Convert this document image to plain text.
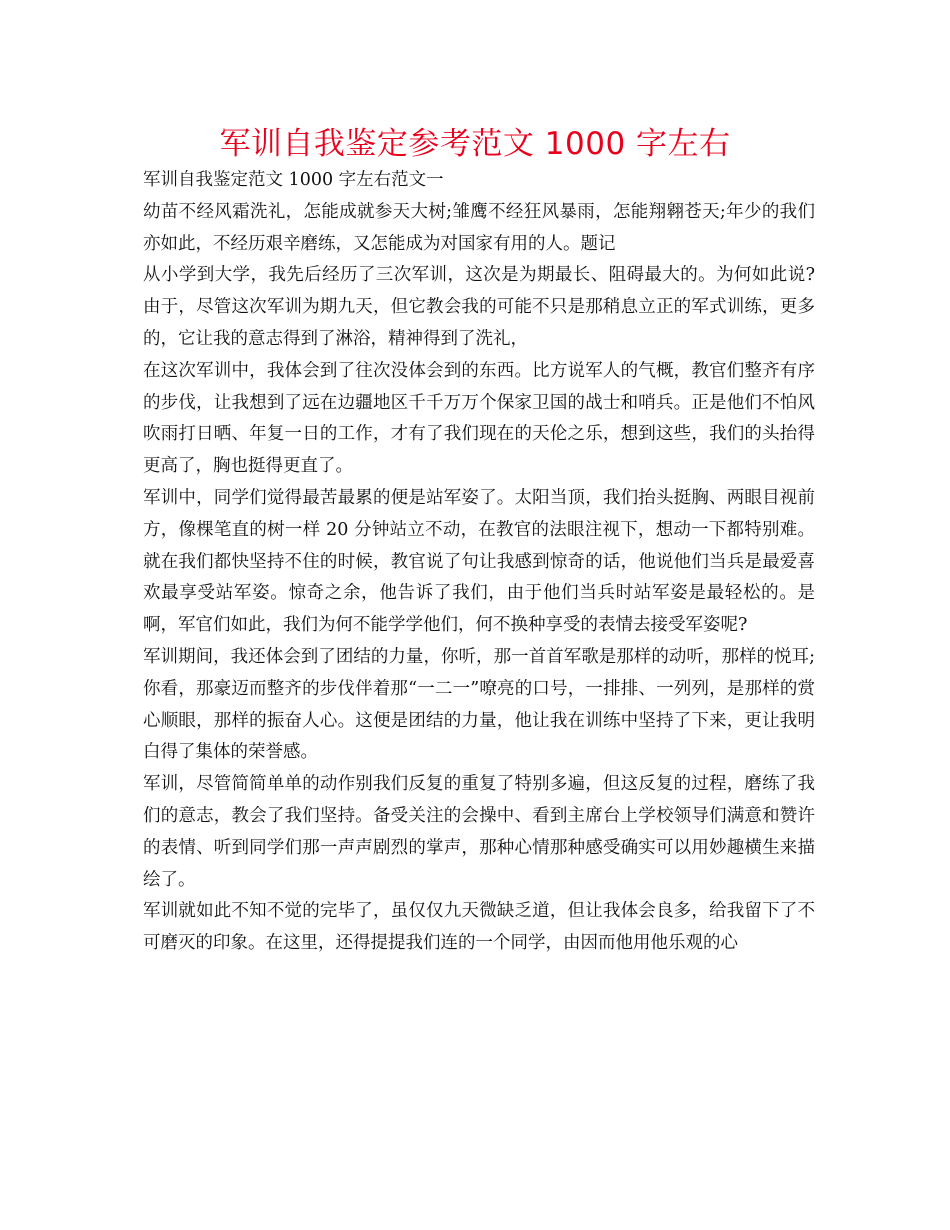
军训自我鉴定参考范文 1000 字左右

军训自我鉴定范文 1000 字左右范文一

幼苗不经风霜洗礼，怎能成就参天大树;雏鹰不经狂风暴雨，怎能翔翱苍天;年少的我们亦如此，不经历艰辛磨练，又怎能成为对国家有用的人。题记

从小学到大学，我先后经历了三次军训，这次是为期最长、阻碍最大的。为何如此说?由于，尽管这次军训为期九天，但它教会我的可能不只是那稍息立正的军式训练，更多的，它让我的意志得到了淋浴，精神得到了洗礼，

在这次军训中，我体会到了往次没体会到的东西。比方说军人的气概，教官们整齐有序的步伐，让我想到了远在边疆地区千千万万个保家卫国的战士和哨兵。正是他们不怕风吹雨打日晒、年复一日的工作，才有了我们现在的天伦之乐，想到这些，我们的头抬得更高了，胸也挺得更直了。

军训中，同学们觉得最苦最累的便是站军姿了。太阳当顶，我们抬头挺胸、两眼目视前方，像棵笔直的树一样 20 分钟站立不动，在教官的法眼注视下，想动一下都特别难。就在我们都快坚持不住的时候，教官说了句让我感到惊奇的话，他说他们当兵是最爱喜欢最享受站军姿。惊奇之余，他告诉了我们，由于他们当兵时站军姿是最轻松的。是啊，军官们如此，我们为何不能学学他们，何不换种享受的表情去接受军姿呢?

军训期间，我还体会到了团结的力量，你听，那一首首军歌是那样的动听，那样的悦耳;你看，那豪迈而整齐的步伐伴着那“一二一”嘹亮的口号，一排排、一列列，是那样的赏心顺眼，那样的振奋人心。这便是团结的力量，他让我在训练中坚持了下来，更让我明白得了集体的荣誉感。

军训，尽管简简单单的动作别我们反复的重复了特别多遍，但这反复的过程，磨练了我们的意志，教会了我们坚持。备受关注的会操中、看到主席台上学校领导们满意和赞许的表情、听到同学们那一声声剧烈的掌声，那种心情那种感受确实可以用妙趣横生来描绘了。

军训就如此不知不觉的完毕了，虽仅仅九天微缺乏道，但让我体会良多，给我留下了不可磨灭的印象。在这里，还得提提我们连的一个同学，由因而他用他乐观的心
